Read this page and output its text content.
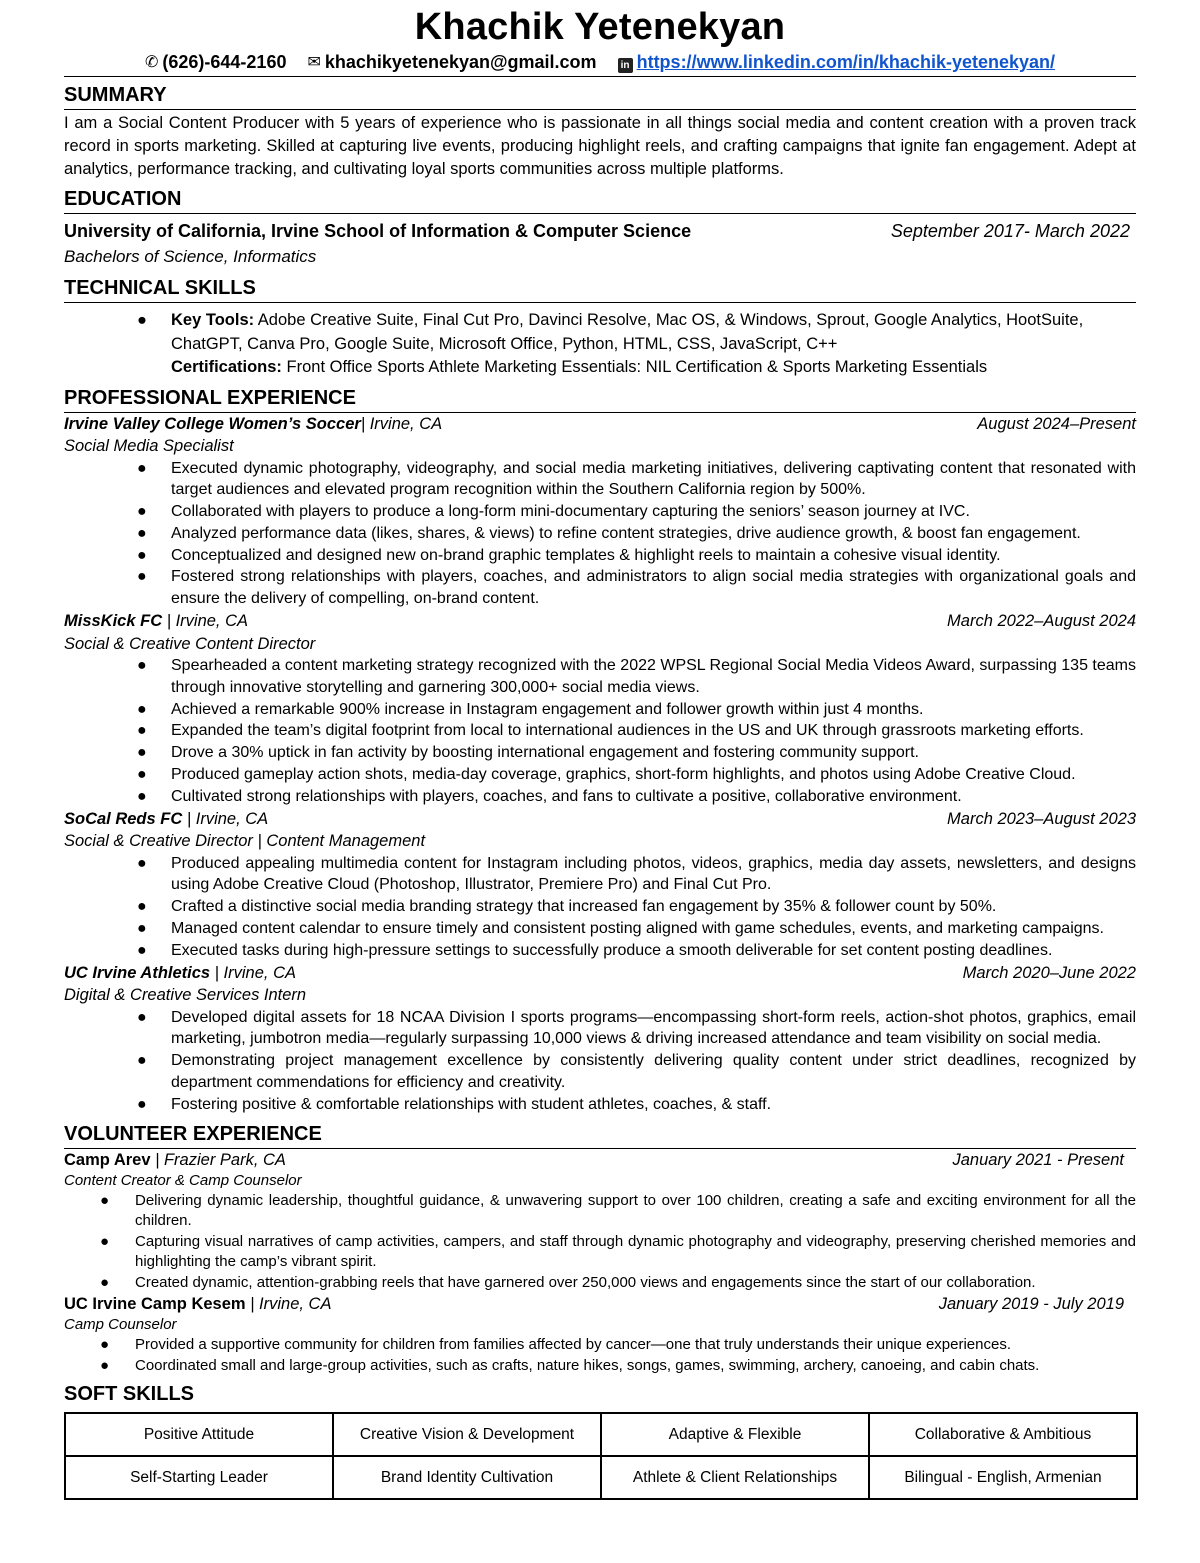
Khachik Yetenekyan
✆ (626)-644-2160 ✉ khachikyetenekyan@gmail.com in https://www.linkedin.com/in/khachik-yetenekyan/
SUMMARY
I am a Social Content Producer with 5 years of experience who is passionate in all things social media and content creation with a proven track record in sports marketing. Skilled at capturing live events, producing highlight reels, and crafting campaigns that ignite fan engagement. Adept at analytics, performance tracking, and cultivating loyal sports communities across multiple platforms.
EDUCATION
University of California, Irvine School of Information & Computer Science	September 2017- March 2022
Bachelors of Science, Informatics
TECHNICAL SKILLS
●	Key Tools: Adobe Creative Suite, Final Cut Pro, Davinci Resolve, Mac OS, & Windows, Sprout, Google Analytics, HootSuite, ChatGPT, Canva Pro, Google Suite, Microsoft Office, Python, HTML, CSS, JavaScript, C++
Certifications: Front Office Sports Athlete Marketing Essentials: NIL Certification & Sports Marketing Essentials
PROFESSIONAL EXPERIENCE
Irvine Valley College Women’s Soccer| Irvine, CA	August 2024–Present
Social Media Specialist
●	Executed dynamic photography, videography, and social media marketing initiatives, delivering captivating content that resonated with target audiences and elevated program recognition within the Southern California region by 500%.
●	Collaborated with players to produce a long-form mini-documentary capturing the seniors’ season journey at IVC.
●	Analyzed performance data (likes, shares, & views) to refine content strategies, drive audience growth, & boost fan engagement.
●	Conceptualized and designed new on-brand graphic templates & highlight reels to maintain a cohesive visual identity.
●	Fostered strong relationships with players, coaches, and administrators to align social media strategies with organizational goals and ensure the delivery of compelling, on-brand content.
MissKick FC | Irvine, CA	March 2022–August 2024
Social & Creative Content Director
●	Spearheaded a content marketing strategy recognized with the 2022 WPSL Regional Social Media Videos Award, surpassing 135 teams through innovative storytelling and garnering 300,000+ social media views.
●	Achieved a remarkable 900% increase in Instagram engagement and follower growth within just 4 months.
●	Expanded the team’s digital footprint from local to international audiences in the US and UK through grassroots marketing efforts.
●	Drove a 30% uptick in fan activity by boosting international engagement and fostering community support.
●	Produced gameplay action shots, media-day coverage, graphics, short-form highlights, and photos using Adobe Creative Cloud.
●	Cultivated strong relationships with players, coaches, and fans to cultivate a positive, collaborative environment.
SoCal Reds FC | Irvine, CA	March 2023–August 2023
Social & Creative Director | Content Management
●	Produced appealing multimedia content for Instagram including photos, videos, graphics, media day assets, newsletters, and designs using Adobe Creative Cloud (Photoshop, Illustrator, Premiere Pro) and Final Cut Pro.
●	Crafted a distinctive social media branding strategy that increased fan engagement by 35% & follower count by 50%.
●	Managed content calendar to ensure timely and consistent posting aligned with game schedules, events, and marketing campaigns.
●	Executed tasks during high-pressure settings to successfully produce a smooth deliverable for set content posting deadlines.
UC Irvine Athletics | Irvine, CA	March 2020–June 2022
Digital & Creative Services Intern
●	Developed digital assets for 18 NCAA Division I sports programs—encompassing short-form reels, action-shot photos, graphics, email marketing, jumbotron media—regularly surpassing 10,000 views & driving increased attendance and team visibility on social media.
●	Demonstrating project management excellence by consistently delivering quality content under strict deadlines, recognized by department commendations for efficiency and creativity.
●	Fostering positive & comfortable relationships with student athletes, coaches, & staff.
VOLUNTEER EXPERIENCE
Camp Arev | Frazier Park, CA	January 2021 - Present
Content Creator & Camp Counselor
●	Delivering dynamic leadership, thoughtful guidance, & unwavering support to over 100 children, creating a safe and exciting environment for all the children.
●	Capturing visual narratives of camp activities, campers, and staff through dynamic photography and videography, preserving cherished memories and highlighting the camp’s vibrant spirit.
●	Created dynamic, attention-grabbing reels that have garnered over 250,000 views and engagements since the start of our collaboration.
UC Irvine Camp Kesem | Irvine, CA	January 2019 - July 2019
Camp Counselor
●	Provided a supportive community for children from families affected by cancer—one that truly understands their unique experiences.
●	Coordinated small and large-group activities, such as crafts, nature hikes, songs, games, swimming, archery, canoeing, and cabin chats.
SOFT SKILLS
Positive Attitude	Creative Vision & Development	Adaptive & Flexible	Collaborative & Ambitious
Self-Starting Leader	Brand Identity Cultivation	Athlete & Client Relationships	Bilingual - English, Armenian
